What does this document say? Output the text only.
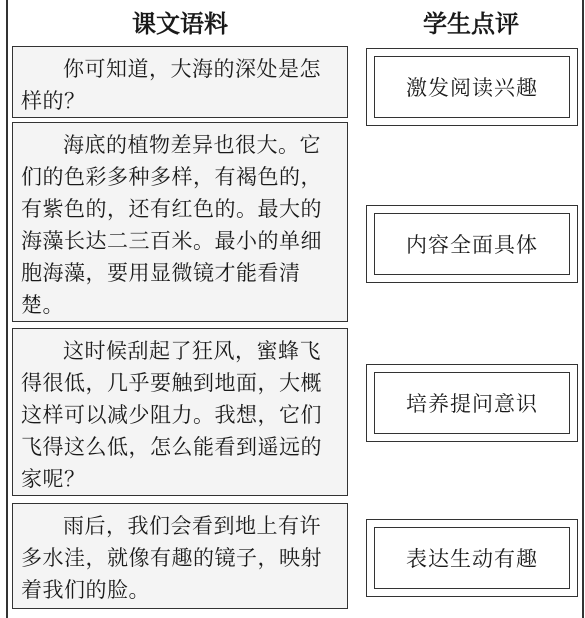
课文语料	学生点评
你可知道，大海的深处是怎样的？
海底的植物差异也很大。它们的色彩多种多样，有褐色的，有紫色的，还有红色的。最大的海藻长达二三百米。最小的单细胞海藻，要用显微镜才能看清楚。
这时候刮起了狂风，蜜蜂飞得很低，几乎要触到地面，大概这样可以减少阻力。我想，它们飞得这么低，怎么能看到遥远的家呢？
雨后，我们会看到地上有许多水洼，就像有趣的镜子，映射着我们的脸。
激发阅读兴趣
内容全面具体
培养提问意识
表达生动有趣
